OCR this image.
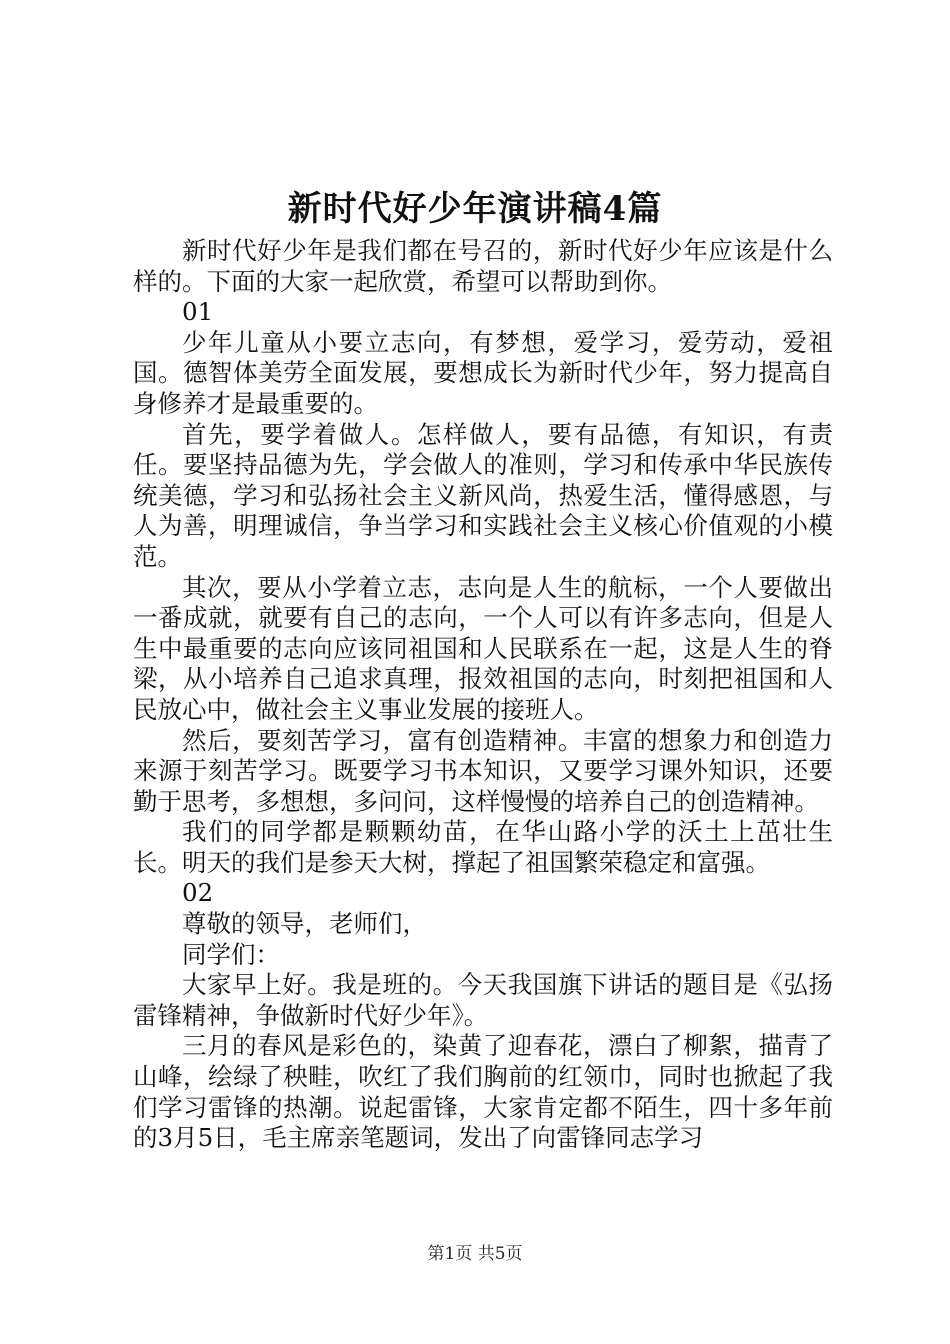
新时代好少年演讲稿4篇

新时代好少年是我们都在号召的，新时代好少年应该是什么样的。下面的大家一起欣赏，希望可以帮助到你。

01

少年儿童从小要立志向，有梦想，爱学习，爱劳动，爱祖国。德智体美劳全面发展，要想成长为新时代少年，努力提高自身修养才是最重要的。

首先，要学着做人。怎样做人，要有品德，有知识，有责任。要坚持品德为先，学会做人的准则，学习和传承中华民族传统美德，学习和弘扬社会主义新风尚，热爱生活，懂得感恩，与人为善，明理诚信，争当学习和实践社会主义核心价值观的小模范。

其次，要从小学着立志，志向是人生的航标，一个人要做出一番成就，就要有自己的志向，一个人可以有许多志向，但是人生中最重要的志向应该同祖国和人民联系在一起，这是人生的脊梁，从小培养自己追求真理，报效祖国的志向，时刻把祖国和人民放心中，做社会主义事业发展的接班人。

然后，要刻苦学习，富有创造精神。丰富的想象力和创造力来源于刻苦学习。既要学习书本知识，又要学习课外知识，还要勤于思考，多想想，多问问，这样慢慢的培养自己的创造精神。

我们的同学都是颗颗幼苗，在华山路小学的沃土上茁壮生长。明天的我们是参天大树，撑起了祖国繁荣稳定和富强。

02

尊敬的领导，老师们，

同学们：

大家早上好。我是班的。今天我国旗下讲话的题目是《弘扬雷锋精神，争做新时代好少年》。

三月的春风是彩色的，染黄了迎春花，漂白了柳絮，描青了山峰，绘绿了秧畦，吹红了我们胸前的红领巾，同时也掀起了我们学习雷锋的热潮。说起雷锋，大家肯定都不陌生，四十多年前的3月5日，毛主席亲笔题词，发出了向雷锋同志学习

第1页 共5页
